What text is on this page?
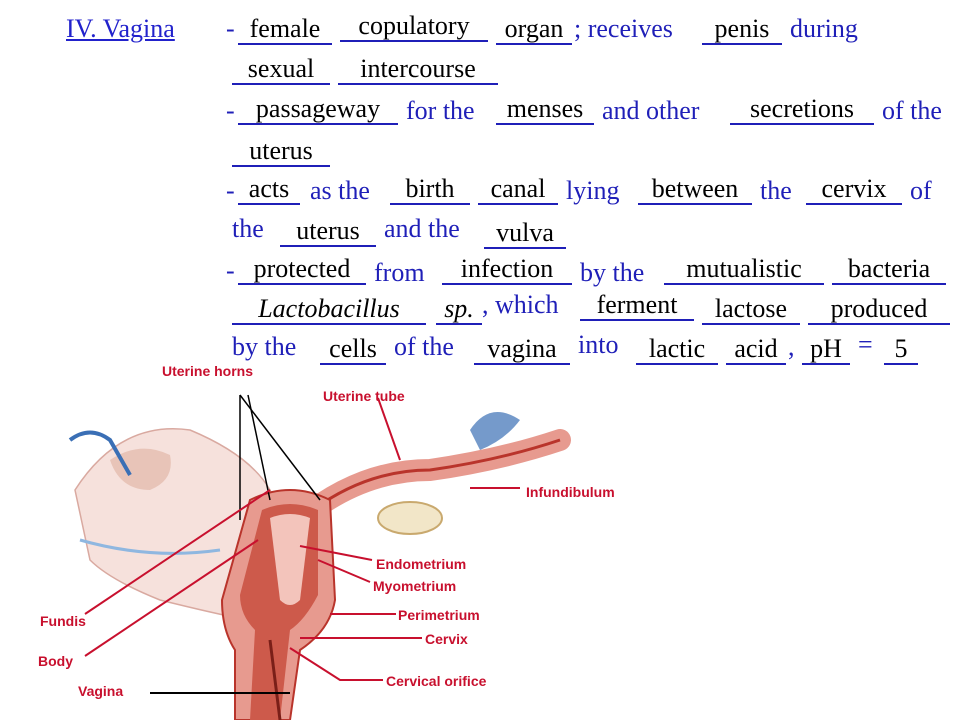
IV. Vagina - female	copulatory	organ ; receives	penis during
sexual	intercourse
- passageway for the	menses and other	secretions	of the
uterus
- acts as the	birth	canal lying	between the	cervix of
the	uterus and the	vulva
- protected from	infection	by the	mutualistic	bacteria
Lactobacillus	sp. , which	ferment	lactose	produced
by the	cells of the	vagina into	lactic	acid , pH = 5
Uterine horns
Uterine tube
Infundibulum
Endometrium
Myometrium
Perimetrium
Cervix
Cervical orifice
Fundis
Body
Vagina
